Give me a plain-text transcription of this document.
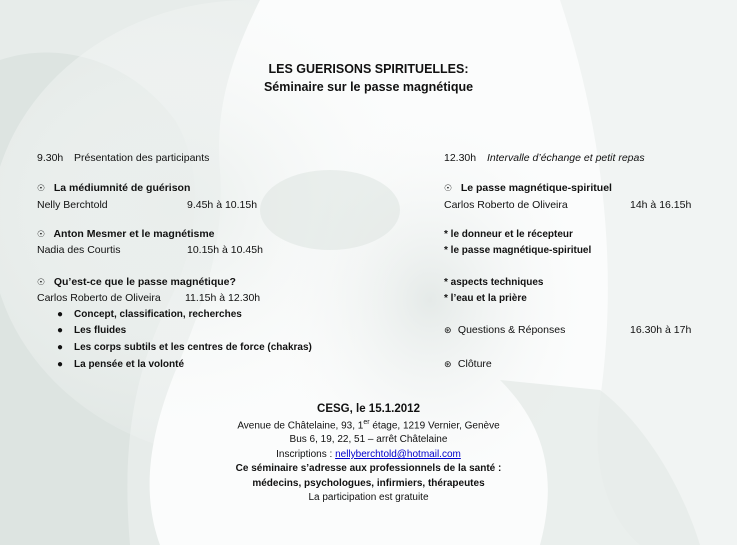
LES GUERISONS SPIRITUELLES:
Séminaire sur le passe magnétique
9.30h Présentation des participants
☉ La médiumnité de guérison
Nelly Berchtold	9.45h à 10.15h
☉ Anton Mesmer et le magnétisme
Nadia des Courtis	10.15h à 10.45h
☉ Qu’est-ce que le passe magnétique?
Carlos Roberto de Oliveira 11.15h à 12.30h
● Concept, classification, recherches
● Les fluides
● Les corps subtils et les centres de force (chakras)
● La pensée et la volonté
12.30h Intervalle d’échange et petit repas
☉ Le passe magnétique-spirituel
Carlos Roberto de Oliveira	14h à 16.15h
* le donneur et le récepteur
* le passe magnétique-spirituel
* aspects techniques
* l’eau et la prière
⊛ Questions & Réponses	16.30h à 17h
⊛ Clôture
CESG, le 15.1.2012
Avenue de Châtelaine, 93, 1er étage, 1219 Vernier, Genève
Bus 6, 19, 22, 51 – arrêt Châtelaine
Inscriptions : nellyberchtold@hotmail.com
Ce séminaire s’adresse aux professionnels de la santé :
médecins, psychologues, infirmiers, thérapeutes
La participation est gratuite
